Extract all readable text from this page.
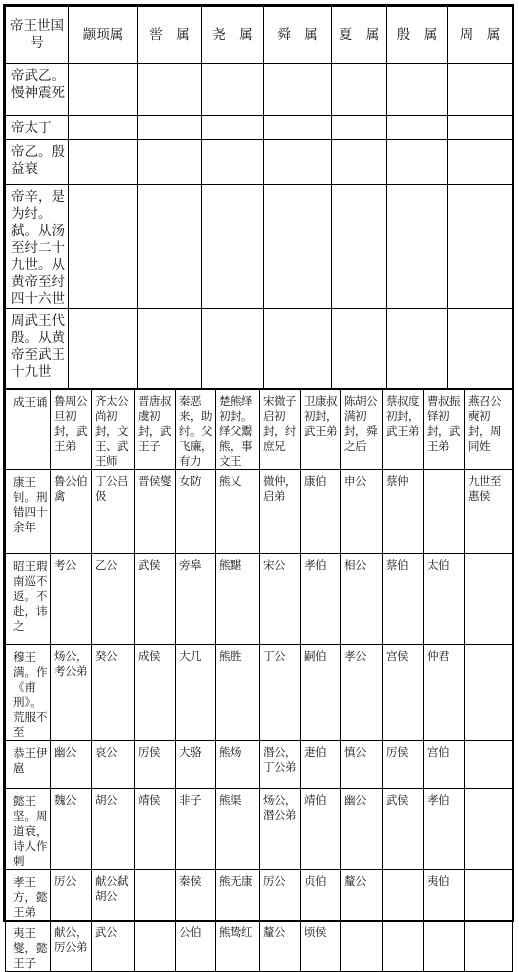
帝王世国　号	颛顼属	喾　属	尧　属	舜　属	夏　属	殷　属	周　属
帝武乙。慢神震死							
帝太丁							
帝乙。殷益衰							
帝辛，是为纣。弑。从汤至纣二十九世。从黄帝至纣四十六世							
周武王代殷。从黄帝至武王十九世							
成王诵	鲁周公旦初封，武王弟	齐太公尚初封，文王、武王师	晋唐叔虞初封，武王子	秦恶来，助纣。父飞廉，有力	楚熊绎初封。绎父鬻熊，事文王	宋微子启初封，纣庶兄	卫康叔初封，武王弟	陈胡公满初封，舜之后	蔡叔度初封，武王弟	曹叔振铎初封，武王弟	燕召公奭初封，周同姓
康王钊。刑错四十余年	鲁公伯禽	丁公吕伋	晋侯燮	女防	熊乂	微仲，启弟	康伯	申公	蔡仲		九世至惠侯
昭王瑕南巡不返。不赴，讳之	考公	乙公	武侯	旁皋	熊黮	宋公	孝伯	相公	蔡伯	太伯	
穆王满。作《甫刑》。荒服不至	炀公，考公弟	癸公	成侯	大几	熊胜	丁公	嗣伯	孝公	宫侯	仲君	
恭王伊扈	幽公	哀公	厉侯	大骆	熊炀	湣公，丁公弟	疌伯	慎公	厉侯	宫伯	
懿王坚。周道衰，诗人作刺	魏公	胡公	靖侯	非子	熊渠	炀公，湣公弟	靖伯	幽公	武侯	孝伯	
孝王方，懿王弟	厉公	献公弑胡公		秦侯	熊无康	厉公	贞伯	釐公		夷伯	
夷王燮，懿王子	献公，厉公弟	武公		公伯	熊鸷红	釐公	顷侯				
